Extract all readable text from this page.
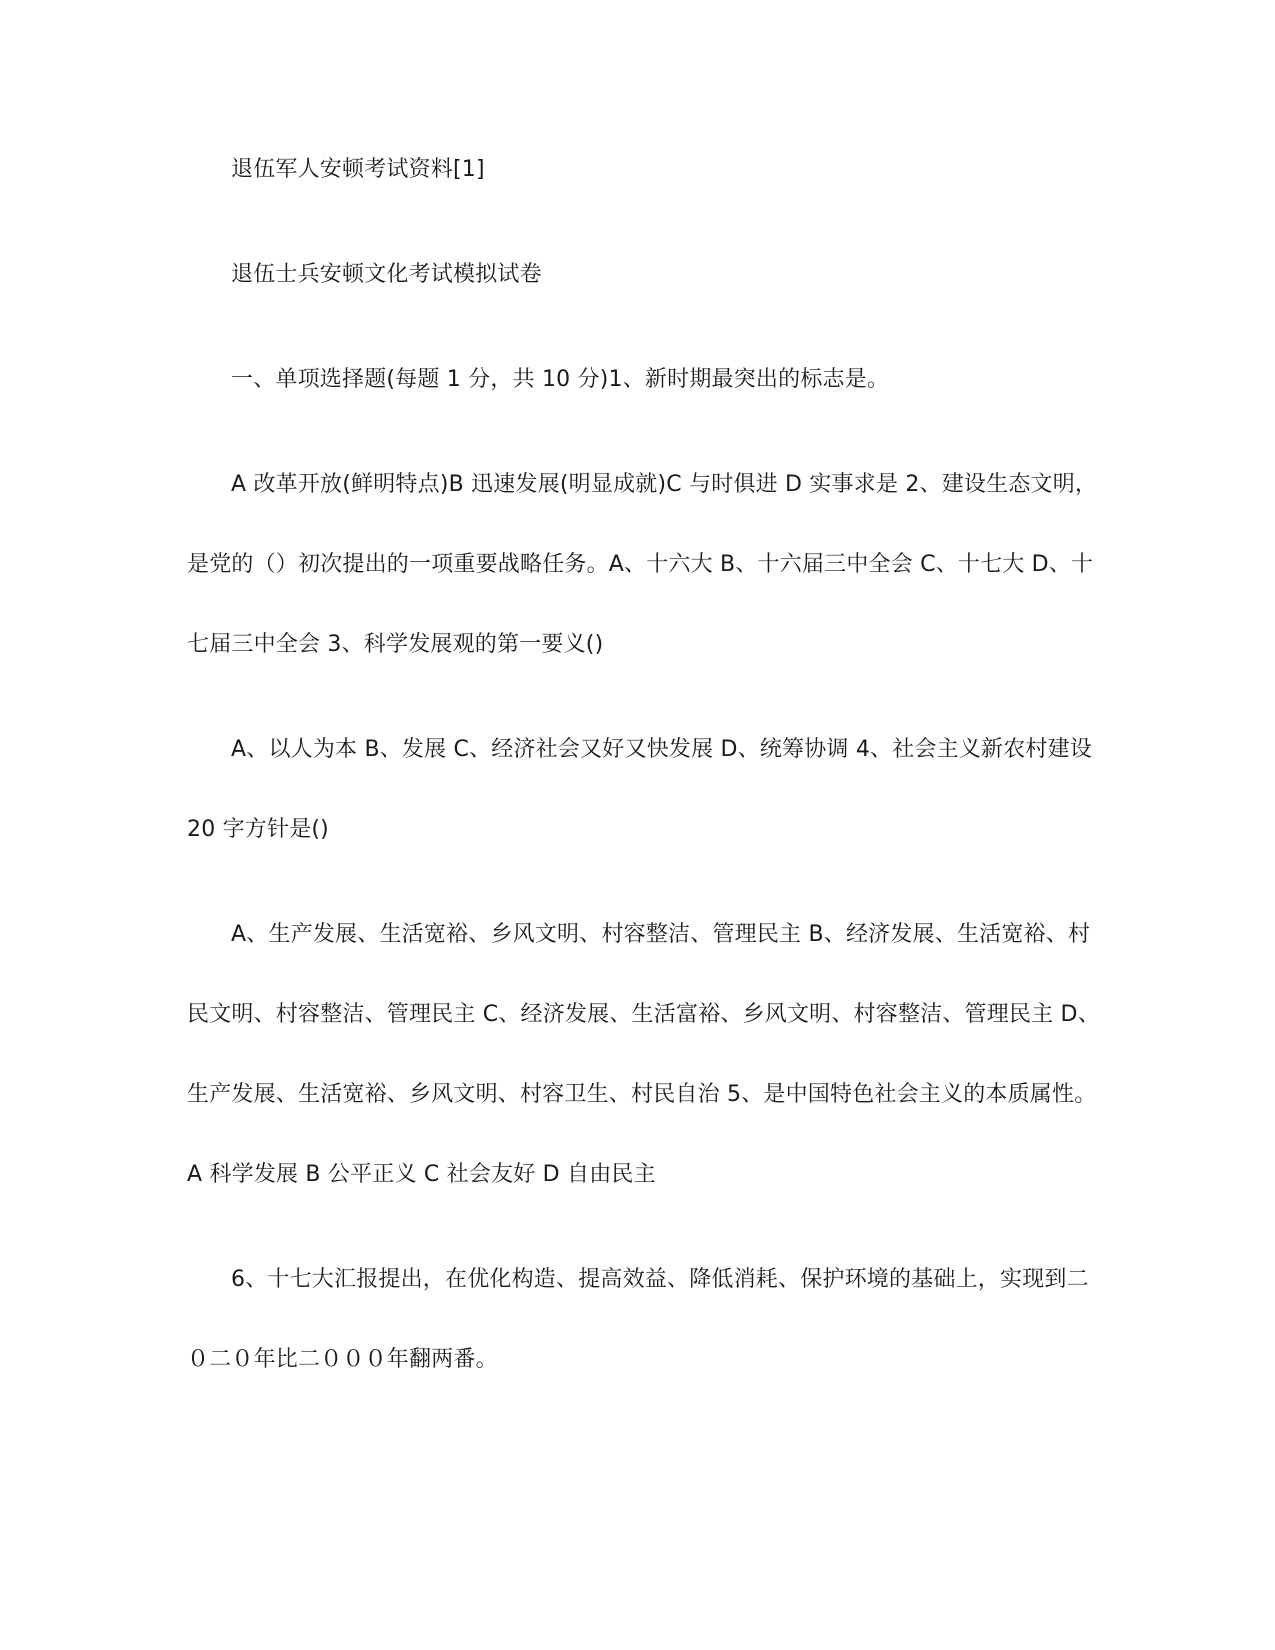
退伍军人安顿考试资料[1]
退伍士兵安顿文化考试模拟试卷
一、单项选择题(每题 1 分，共 10 分)1、新时期最突出的标志是。
A 改革开放(鲜明特点)B 迅速发展(明显成就)C 与时俱进 D 实事求是 2、建设生态文明，
是党的（）初次提出的一项重要战略任务。A、十六大 B、十六届三中全会 C、十七大 D、十
七届三中全会 3、科学发展观的第一要义()
A、以人为本 B、发展 C、经济社会又好又快发展 D、统筹协调 4、社会主义新农村建设
20 字方针是()
A、生产发展、生活宽裕、乡风文明、村容整洁、管理民主 B、经济发展、生活宽裕、村
民文明、村容整洁、管理民主 C、经济发展、生活富裕、乡风文明、村容整洁、管理民主 D、
生产发展、生活宽裕、乡风文明、村容卫生、村民自治 5、是中国特色社会主义的本质属性。
A 科学发展 B 公平正义 C 社会友好 D 自由民主
6、十七大汇报提出，在优化构造、提高效益、降低消耗、保护环境的基础上，实现到二
０二０年比二０００年翻两番。
